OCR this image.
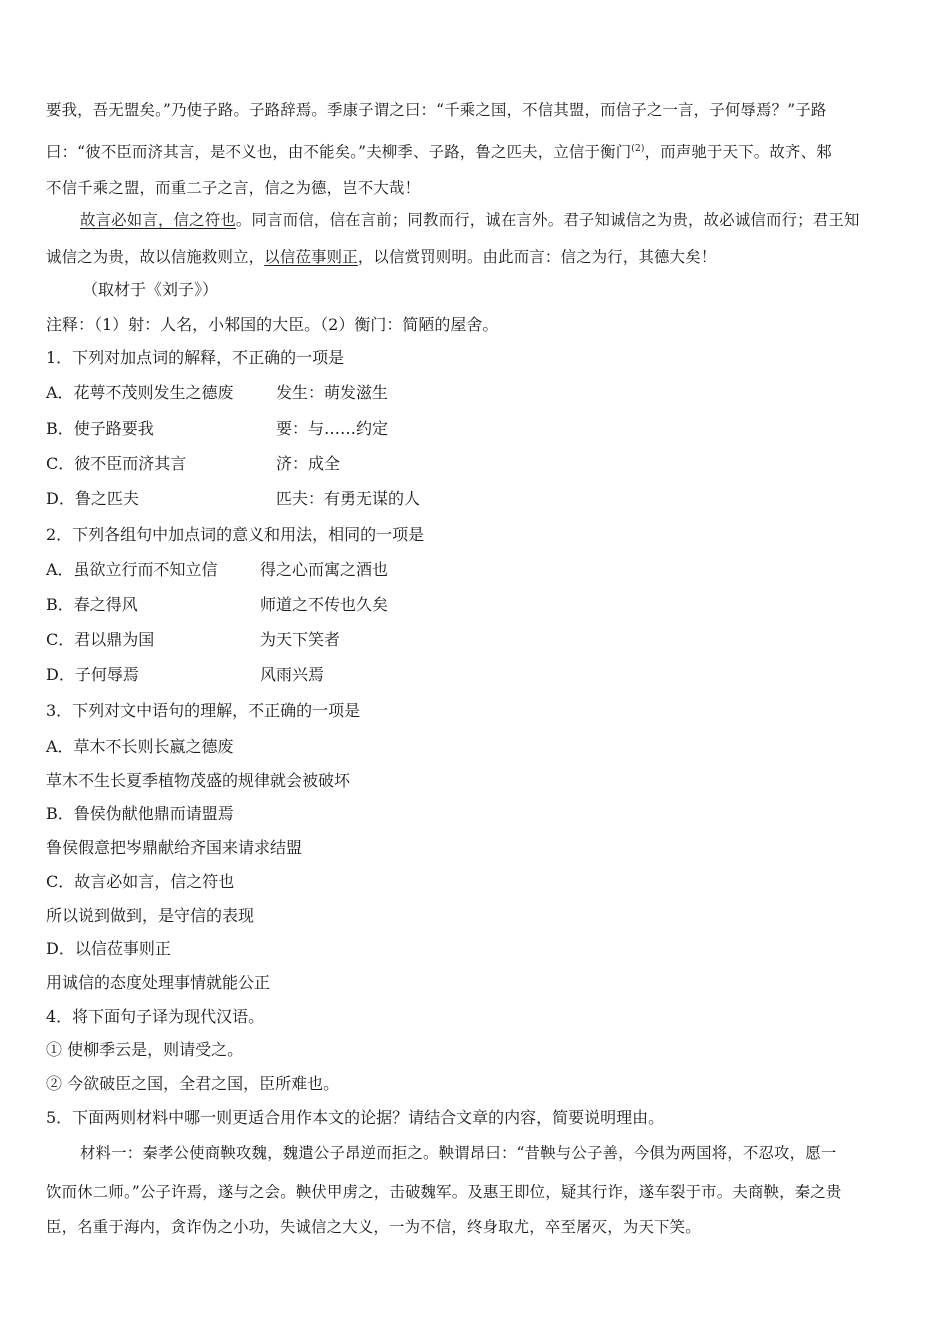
要我，吾无盟矣。”乃使子路。子路辞焉。季康子谓之曰：“千乘之国，不信其盟，而信子之一言，子何辱焉？”子路
曰：“彼不臣而济其言，是不义也，由不能矣。”夫柳季、子路，鲁之匹夫，立信于衡门$^{(2)}$，而声驰于天下。故齐、邾
不信千乘之盟，而重二子之言，信之为德，岂不大哉！
故言必如言，信之符也。同言而信，信在言前；同教而行，诚在言外。君子知诚信之为贵，故必诚信而行；君王知
诚信之为贵，故以信施救则立，以信莅事则正，以信赏罚则明。由此而言：信之为行，其德大矣！
（取材于《刘子》）
注释：（1）射：人名，小邾国的大臣。（2）衡门：简陋的屋舍。
1．下列对加点词的解释，不正确的一项是
A．花萼不茂则发生之德废	发生：萌发滋生
B．使子路要我	要：与……约定
C．彼不臣而济其言	济：成全
D．鲁之匹夫	匹夫：有勇无谋的人
2．下列各组句中加点词的意义和用法，相同的一项是
A．虽欲立行而不知立信	得之心而寓之酒也
B．春之得风	师道之不传也久矣
C．君以鼎为国	为天下笑者
D．子何辱焉	风雨兴焉
3．下列对文中语句的理解，不正确的一项是
A．草木不长则长嬴之德废
草木不生长夏季植物茂盛的规律就会被破坏
B．鲁侯伪献他鼎而请盟焉
鲁侯假意把岑鼎献给齐国来请求结盟
C．故言必如言，信之符也
所以说到做到，是守信的表现
D．以信莅事则正
用诚信的态度处理事情就能公正
4．将下面句子译为现代汉语。
① 使柳季云是，则请受之。
② 今欲破臣之国，全君之国，臣所难也。
5．下面两则材料中哪一则更适合用作本文的论据？请结合文章的内容，简要说明理由。
材料一：秦孝公使商鞅攻魏，魏遣公子昂逆而拒之。鞅谓昂曰：“昔鞅与公子善，今俱为两国将，不忍攻，愿一
饮而休二师。”公子许焉，遂与之会。鞅伏甲虏之，击破魏军。及惠王即位，疑其行诈，遂车裂于市。夫商鞅，秦之贵
臣，名重于海内，贪诈伪之小功，失诚信之大义，一为不信，终身取尤，卒至屠灭，为天下笑。
